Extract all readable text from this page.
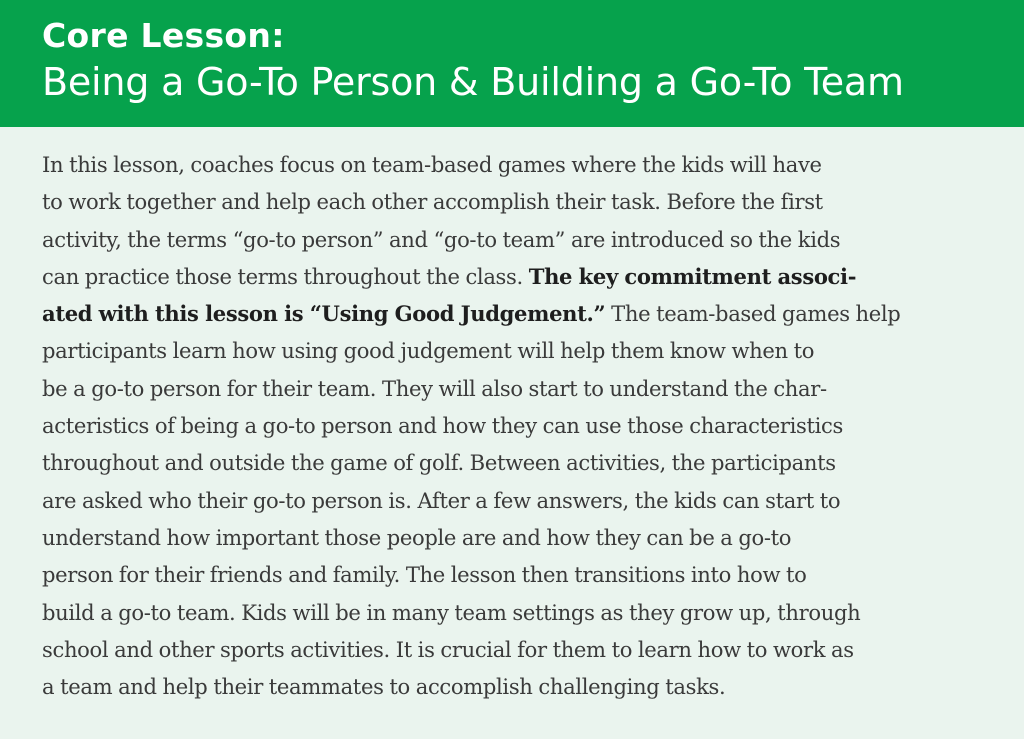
Core Lesson:
Being a Go-To Person & Building a Go-To Team

In this lesson, coaches focus on team-based games where the kids will have
to work together and help each other accomplish their task. Before the first
activity, the terms “go-to person” and “go-to team” are introduced so the kids
can practice those terms throughout the class. The key commitment associ-
ated with this lesson is “Using Good Judgement.” The team-based games help
participants learn how using good judgement will help them know when to
be a go-to person for their team. They will also start to understand the char-
acteristics of being a go-to person and how they can use those characteristics
throughout and outside the game of golf. Between activities, the participants
are asked who their go-to person is. After a few answers, the kids can start to
understand how important those people are and how they can be a go-to
person for their friends and family. The lesson then transitions into how to
build a go-to team. Kids will be in many team settings as they grow up, through
school and other sports activities. It is crucial for them to learn how to work as
a team and help their teammates to accomplish challenging tasks.
